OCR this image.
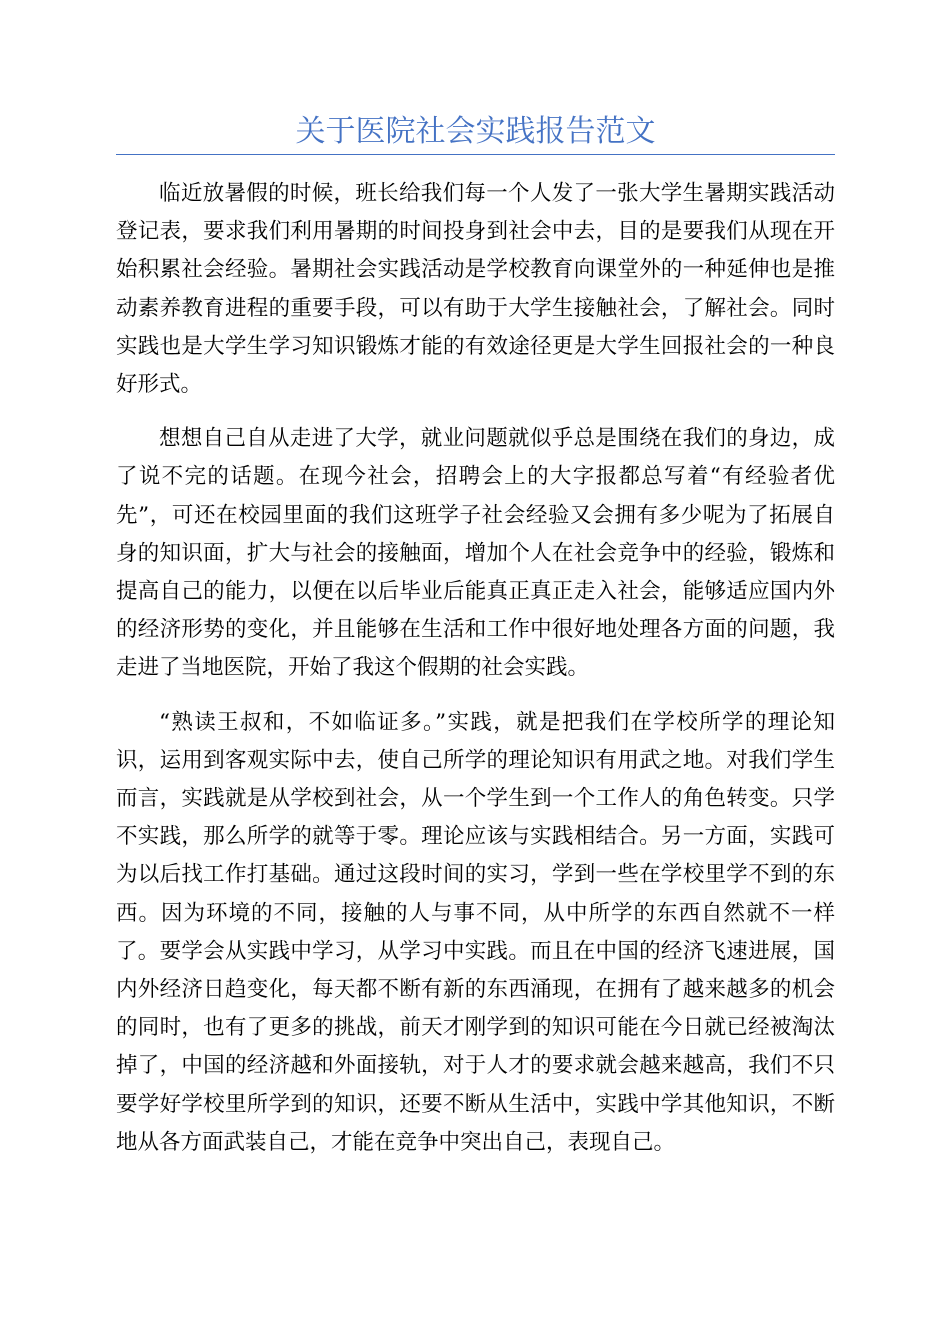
关于医院社会实践报告范文

临近放暑假的时候，班长给我们每一个人发了一张大学生暑期实践活动登记表，要求我们利用暑期的时间投身到社会中去，目的是要我们从现在开始积累社会经验。暑期社会实践活动是学校教育向课堂外的一种延伸也是推动素养教育进程的重要手段，可以有助于大学生接触社会，了解社会。同时实践也是大学生学习知识锻炼才能的有效途径更是大学生回报社会的一种良好形式。

想想自己自从走进了大学，就业问题就似乎总是围绕在我们的身边，成了说不完的话题。在现今社会，招聘会上的大字报都总写着“有经验者优先”，可还在校园里面的我们这班学子社会经验又会拥有多少呢为了拓展自身的知识面，扩大与社会的接触面，增加个人在社会竞争中的经验，锻炼和提高自己的能力，以便在以后毕业后能真正真正走入社会，能够适应国内外的经济形势的变化，并且能够在生活和工作中很好地处理各方面的问题，我走进了当地医院，开始了我这个假期的社会实践。

“熟读王叔和，不如临证多。”实践，就是把我们在学校所学的理论知识，运用到客观实际中去，使自己所学的理论知识有用武之地。对我们学生而言，实践就是从学校到社会，从一个学生到一个工作人的角色转变。只学不实践，那么所学的就等于零。理论应该与实践相结合。另一方面，实践可为以后找工作打基础。通过这段时间的实习，学到一些在学校里学不到的东西。因为环境的不同，接触的人与事不同，从中所学的东西自然就不一样了。要学会从实践中学习，从学习中实践。而且在中国的经济飞速进展，国内外经济日趋变化，每天都不断有新的东西涌现，在拥有了越来越多的机会的同时，也有了更多的挑战，前天才刚学到的知识可能在今日就已经被淘汰掉了，中国的经济越和外面接轨，对于人才的要求就会越来越高，我们不只要学好学校里所学到的知识，还要不断从生活中，实践中学其他知识，不断地从各方面武装自己，才能在竞争中突出自己，表现自己。
